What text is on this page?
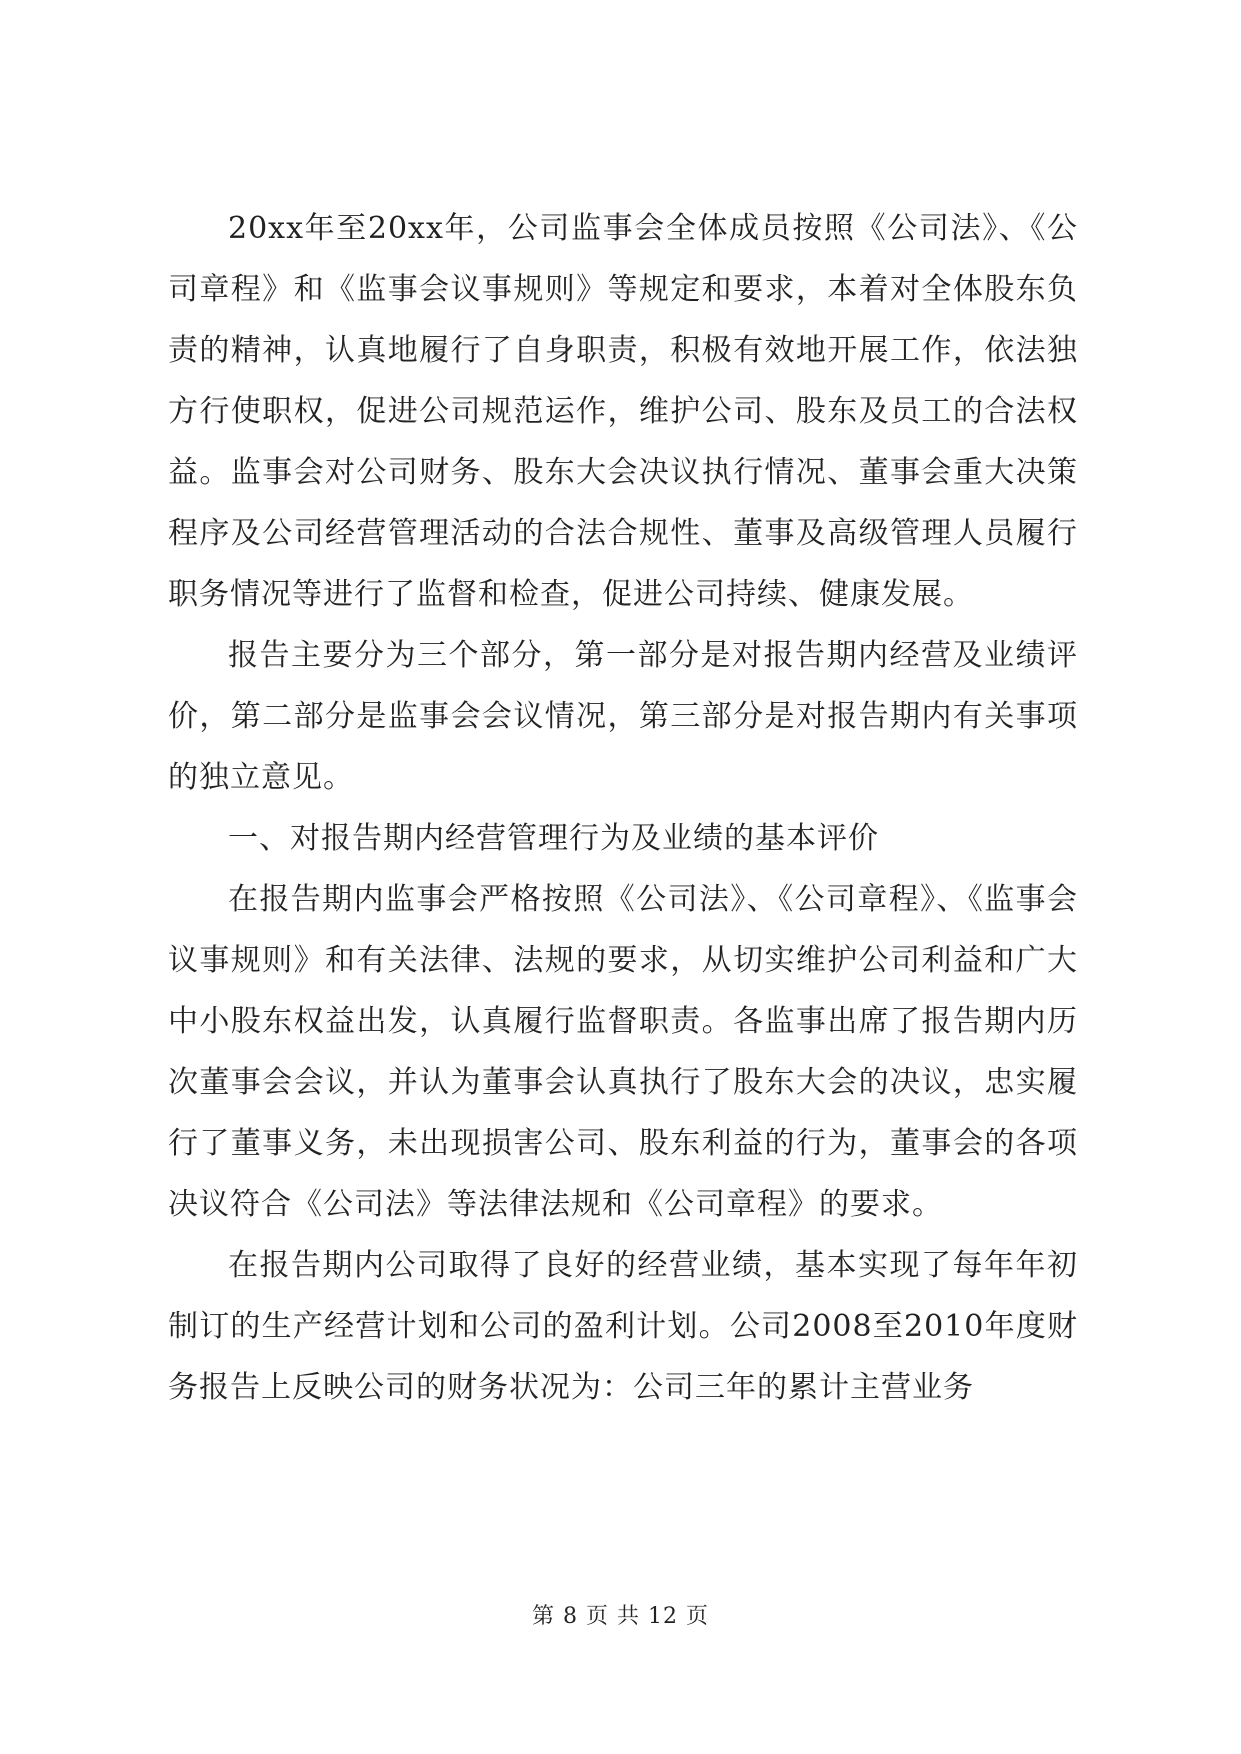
20xx年至20xx年，公司监事会全体成员按照《公司法》、《公司章程》和《监事会议事规则》等规定和要求，本着对全体股东负责的精神，认真地履行了自身职责，积极有效地开展工作，依法独方行使职权，促进公司规范运作，维护公司、股东及员工的合法权益。监事会对公司财务、股东大会决议执行情况、董事会重大决策程序及公司经营管理活动的合法合规性、董事及高级管理人员履行职务情况等进行了监督和检查，促进公司持续、健康发展。

报告主要分为三个部分，第一部分是对报告期内经营及业绩评价，第二部分是监事会会议情况，第三部分是对报告期内有关事项的独立意见。

一、对报告期内经营管理行为及业绩的基本评价

在报告期内监事会严格按照《公司法》、《公司章程》、《监事会议事规则》和有关法律、法规的要求，从切实维护公司利益和广大中小股东权益出发，认真履行监督职责。各监事出席了报告期内历次董事会会议，并认为董事会认真执行了股东大会的决议，忠实履行了董事义务，未出现损害公司、股东利益的行为，董事会的各项决议符合《公司法》等法律法规和《公司章程》的要求。

在报告期内公司取得了良好的经营业绩，基本实现了每年年初制订的生产经营计划和公司的盈利计划。公司2008至2010年度财务报告上反映公司的财务状况为：公司三年的累计主营业务

第 8 页 共 12 页
